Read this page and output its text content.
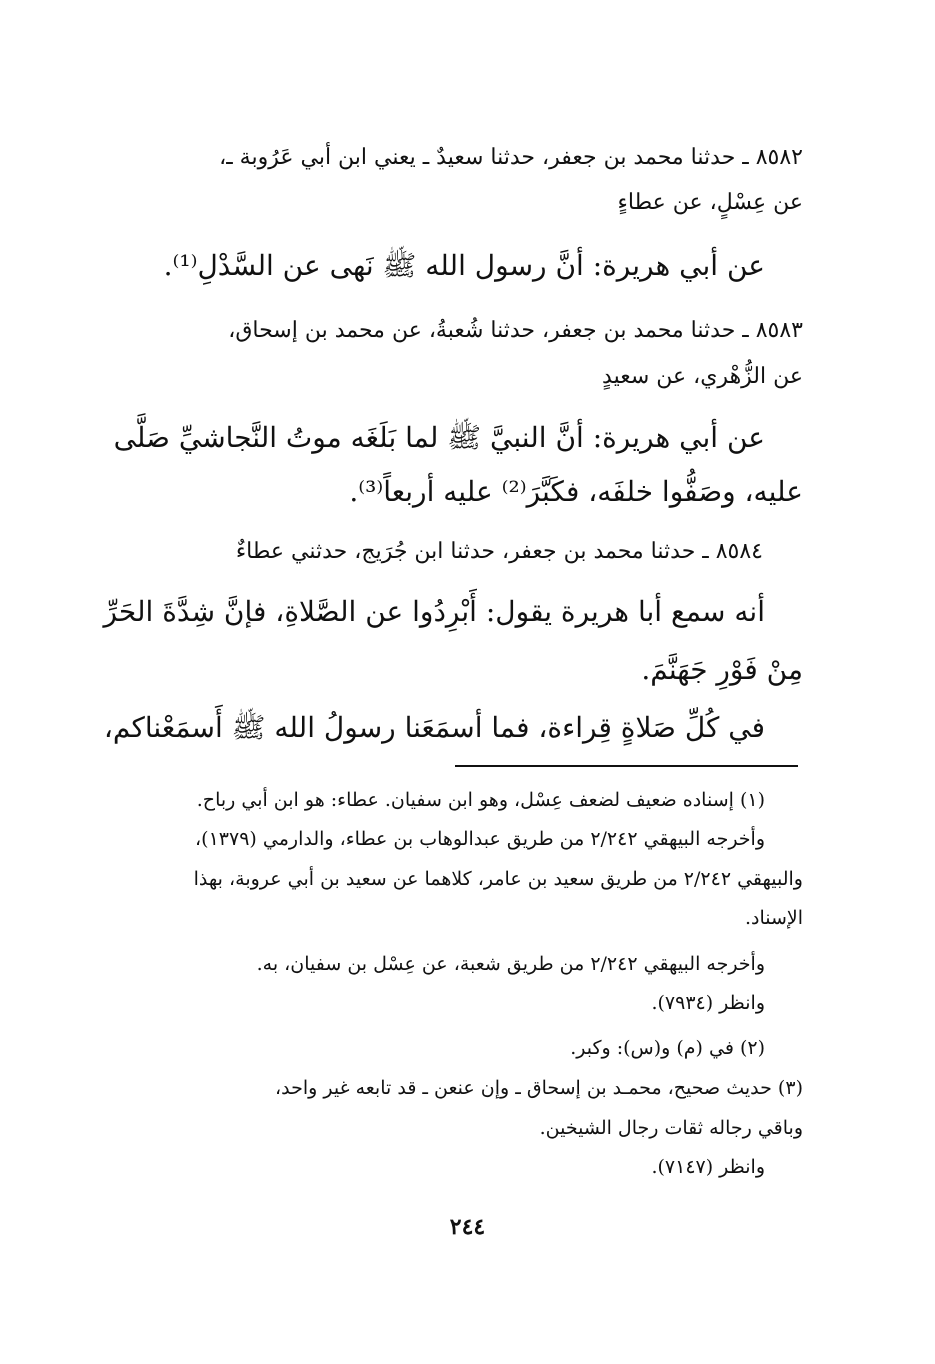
٨٥٨٢ ـ حدثنا محمد بن جعفر، حدثنا سعيدٌ ـ يعني ابن أبي عَرُوبة ـ،
عن عِسْلٍ، عن عطاءٍ
عن أبي هريرة: أنَّ رسول الله ﷺ نَهى عن السَّدْلِ⁽¹⁾.
٨٥٨٣ ـ حدثنا محمد بن جعفر، حدثنا شُعبةُ، عن محمد بن إسحاق،
عن الزُّهْري، عن سعيدٍ
عن أبي هريرة: أنَّ النبيَّ ﷺ لما بَلَغَه موتُ النَّجاشيِّ صَلَّى
عليه، وصَفُّوا خلفَه، فكَبَّرَ⁽²⁾ عليه أربعاً⁽³⁾.
٨٥٨٤ ـ حدثنا محمد بن جعفر، حدثنا ابن جُرَيج، حدثني عطاءٌ
أنه سمع أبا هريرة يقول: أَبْرِدُوا عن الصَّلاةِ، فإنَّ شِدَّةَ الحَرِّ
مِنْ فَوْرِ جَهَنَّمَ.
في كُلِّ صَلاةٍ قِراءة، فما أسمَعَنا رسولُ الله ﷺ أَسمَعْناكم،
(١) إسناده ضعيف لضعف عِسْل، وهو ابن سفيان. عطاء: هو ابن أبي رباح.
وأخرجه البيهقي ٢/٢٤٢ من طريق عبدالوهاب بن عطاء، والدارمي (١٣٧٩)،
والبيهقي ٢/٢٤٢ من طريق سعيد بن عامر، كلاهما عن سعيد بن أبي عروبة، بهذا
الإسناد.
وأخرجه البيهقي ٢/٢٤٢ من طريق شعبة، عن عِسْل بن سفيان، به.
وانظر (٧٩٣٤).
(٢) في (م) و(س): وكبر.
(٣) حديث صحيح، محمـد بن إسحاق ـ وإن عنعن ـ قد تابعه غير واحد،
وباقي رجاله ثقات رجال الشيخين.
وانظر (٧١٤٧).
٢٤٤
